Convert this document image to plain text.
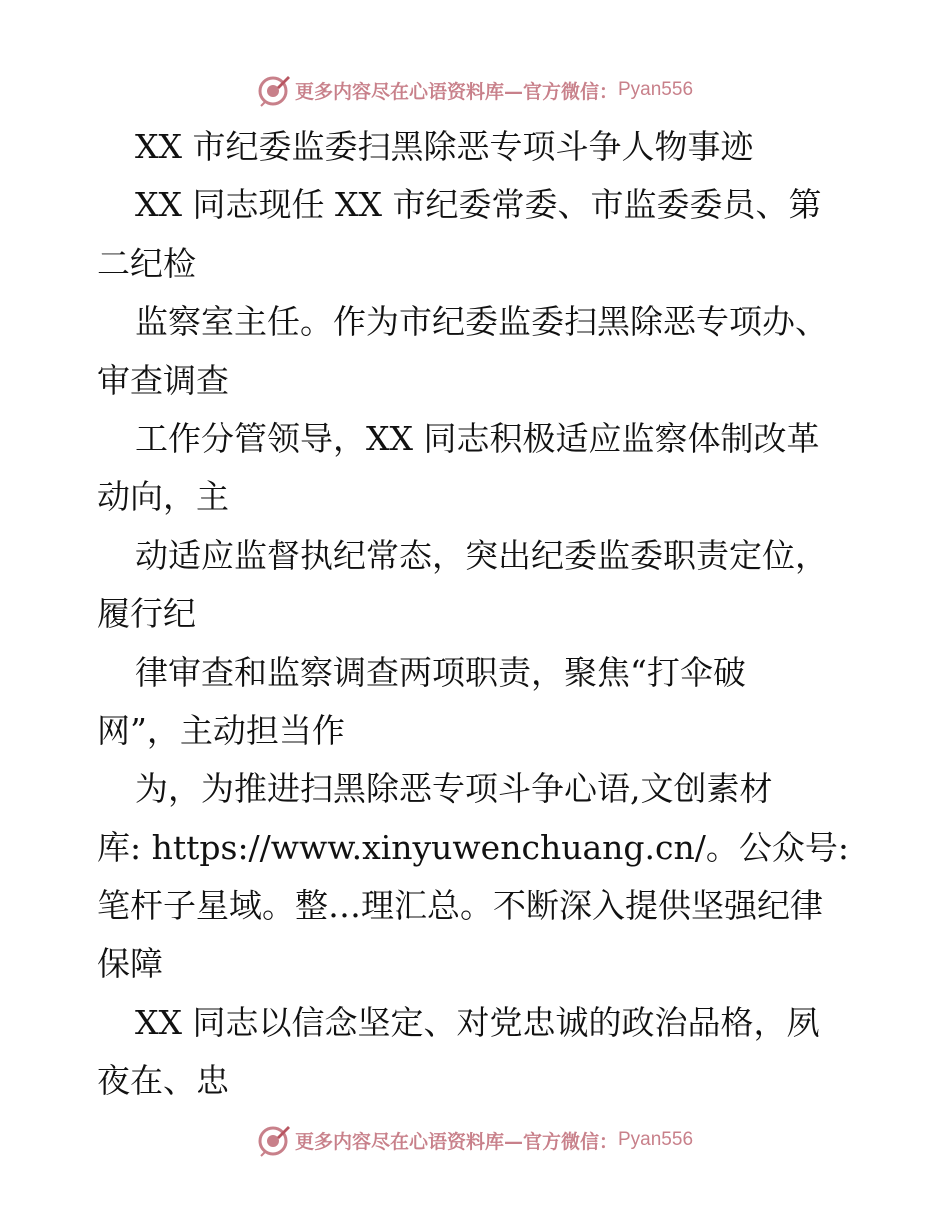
更多内容尽在心语资料库—官方微信： Pyan556
XX 市纪委监委扫黑除恶专项斗争人物事迹
XX 同志现任 XX 市纪委常委、市监委委员、第
二纪检
监察室主任。作为市纪委监委扫黑除恶专项办、
审查调查
工作分管领导，XX 同志积极适应监察体制改革
动向，主
动适应监督执纪常态，突出纪委监委职责定位，
履行纪
律审查和监察调查两项职责，聚焦“打伞破
网”，主动担当作
为，为推进扫黑除恶专项斗争心语,文创素材
库: https://www.xinyuwenchuang.cn/。公众号:
笔杆子星域。整…理汇总。不断深入提供坚强纪律
保障
XX 同志以信念坚定、对党忠诚的政治品格，夙
夜在、忠
更多内容尽在心语资料库—官方微信： Pyan556
